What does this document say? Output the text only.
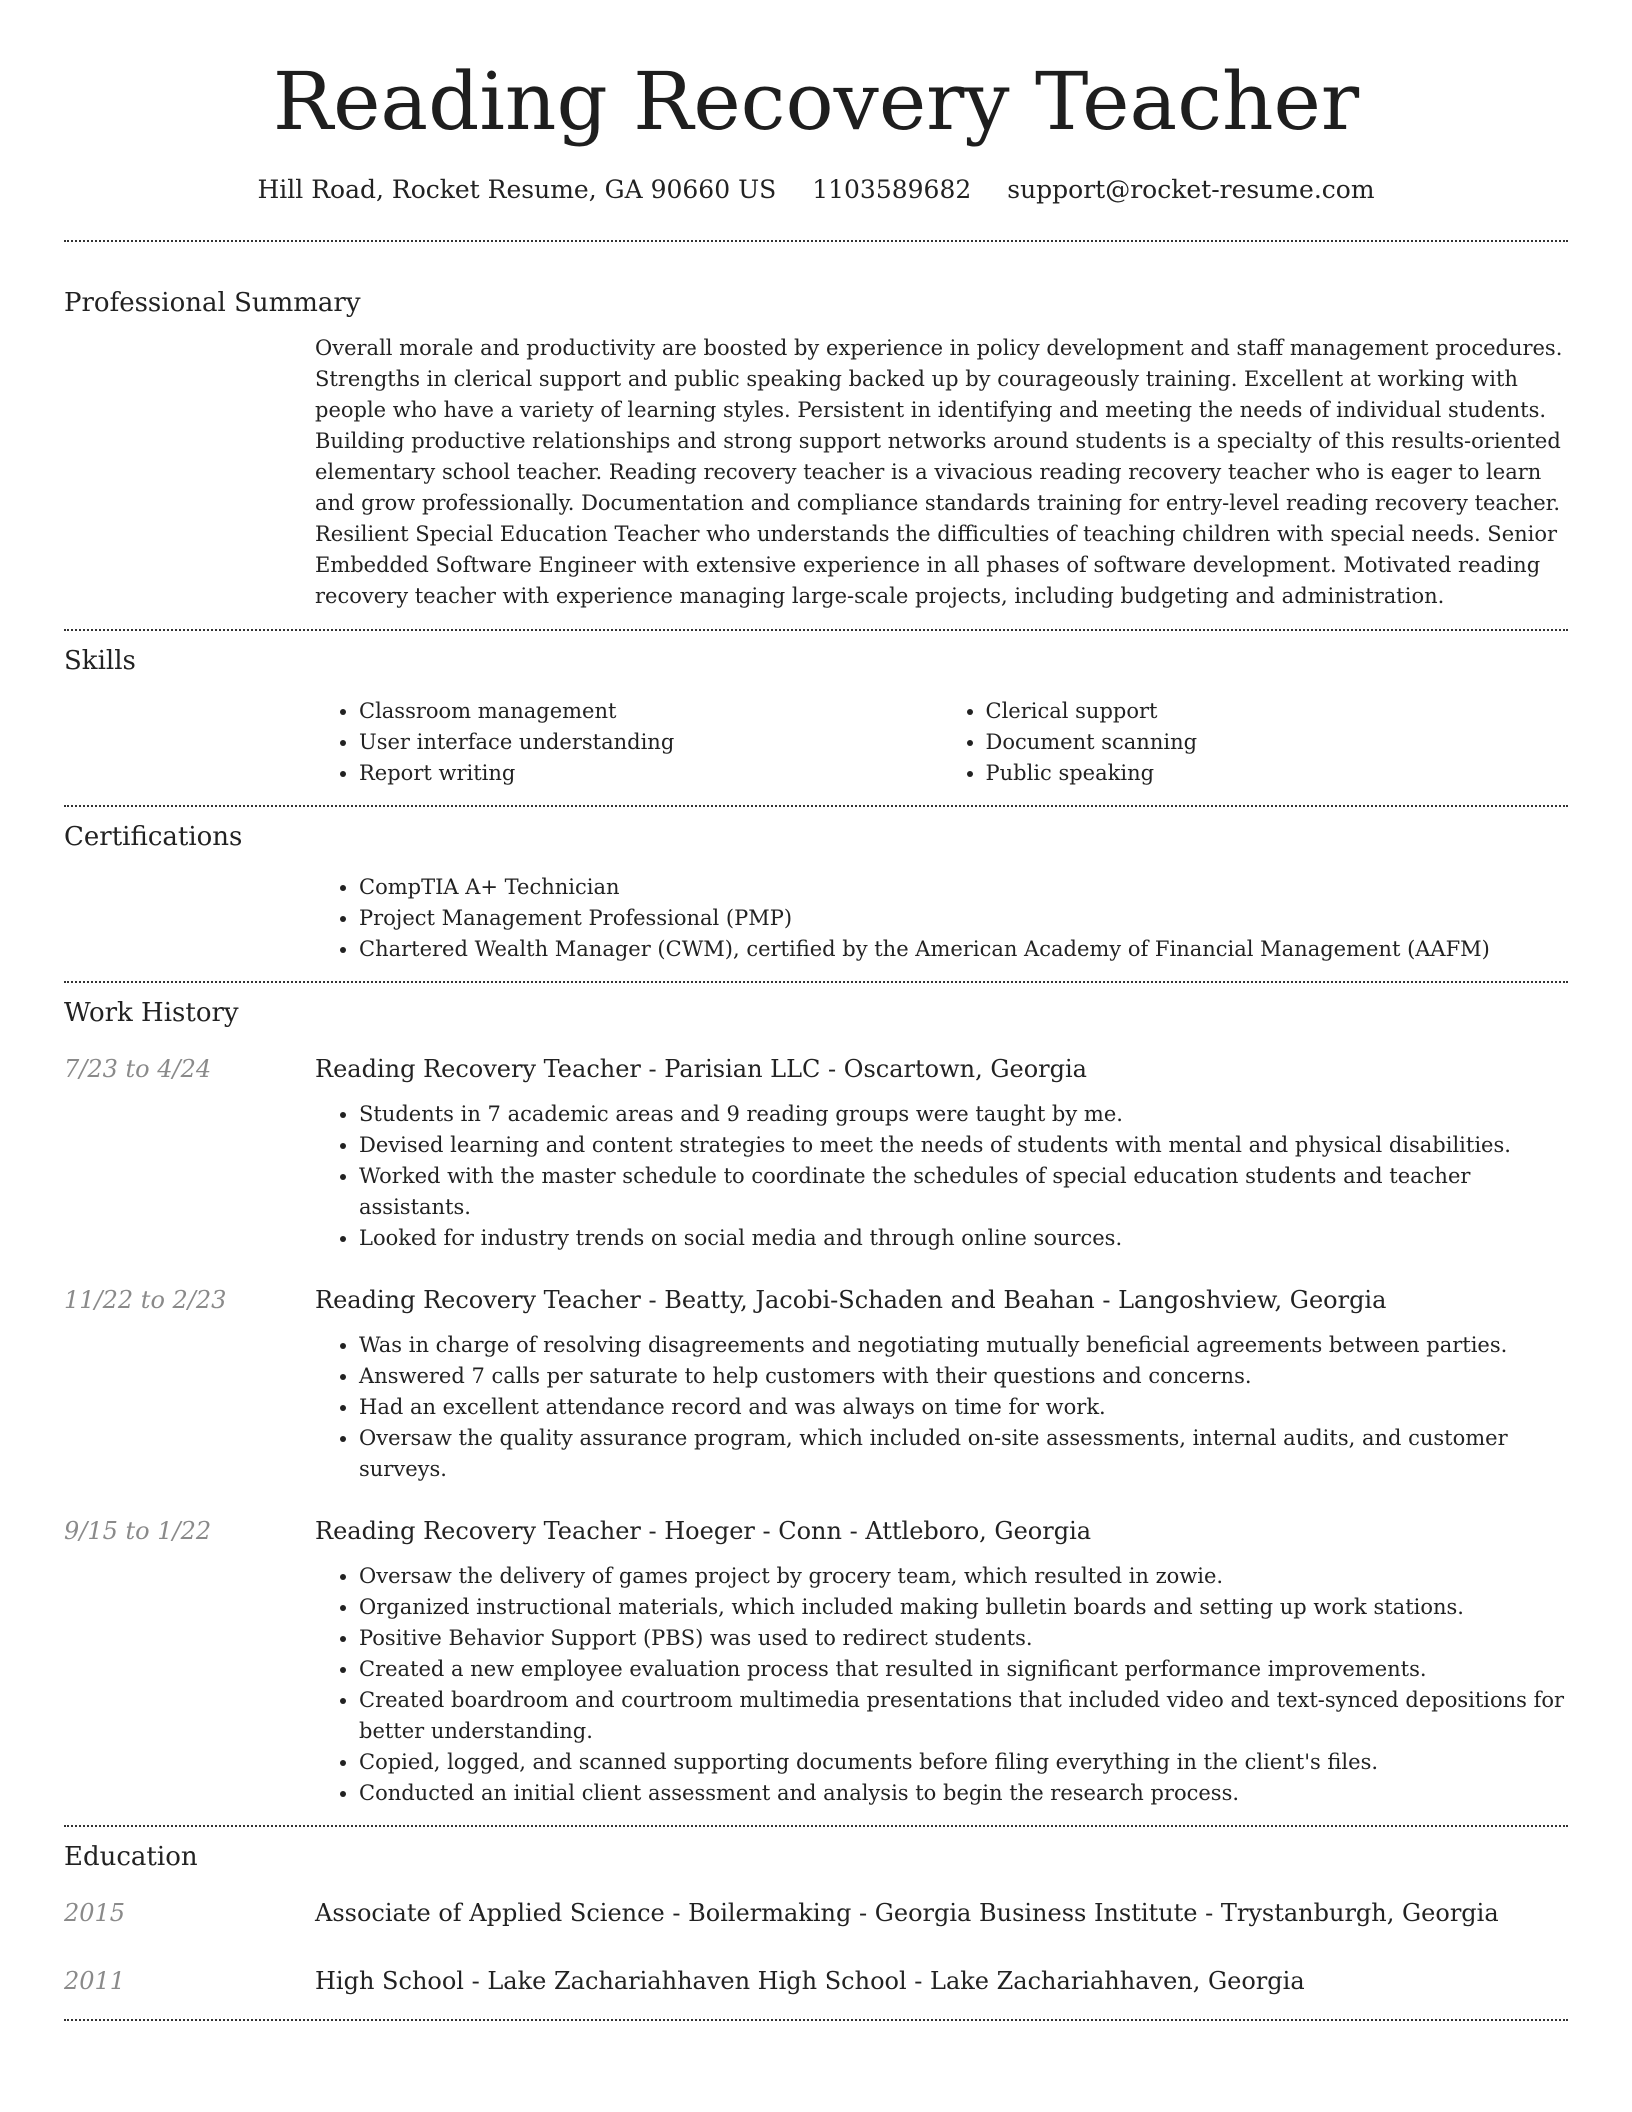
Reading Recovery Teacher
Hill Road, Rocket Resume, GA 90660 US 1103589682 support@rocket-resume.com
Professional Summary

Overall morale and productivity are boosted by experience in policy development and staff management procedures. Strengths in clerical support and public speaking backed up by courageously training. Excellent at working with people who have a variety of learning styles. Persistent in identifying and meeting the needs of individual students. Building productive relationships and strong support networks around students is a specialty of this results-oriented elementary school teacher. Reading recovery teacher is a vivacious reading recovery teacher who is eager to learn and grow professionally. Documentation and compliance standards training for entry-level reading recovery teacher. Resilient Special Education Teacher who understands the difficulties of teaching children with special needs. Senior Embedded Software Engineer with extensive experience in all phases of software development. Motivated reading recovery teacher with experience managing large-scale projects, including budgeting and administration.

Skills
• Classroom management
• User interface understanding
• Report writing
• Clerical support
• Document scanning
• Public speaking
Certifications
• CompTIA A+ Technician
• Project Management Professional (PMP)
• Chartered Wealth Manager (CWM), certified by the American Academy of Financial Management (AAFM)
Work History
7/23 to 4/24	Reading Recovery Teacher - Parisian LLC - Oscartown, Georgia
• Students in 7 academic areas and 9 reading groups were taught by me.
• Devised learning and content strategies to meet the needs of students with mental and physical disabilities.
• Worked with the master schedule to coordinate the schedules of special education students and teacher assistants.
• Looked for industry trends on social media and through online sources.
11/22 to 2/23	Reading Recovery Teacher - Beatty, Jacobi-Schaden and Beahan - Langoshview, Georgia
• Was in charge of resolving disagreements and negotiating mutually beneficial agreements between parties.
• Answered 7 calls per saturate to help customers with their questions and concerns.
• Had an excellent attendance record and was always on time for work.
• Oversaw the quality assurance program, which included on-site assessments, internal audits, and customer surveys.
9/15 to 1/22	Reading Recovery Teacher - Hoeger - Conn - Attleboro, Georgia
• Oversaw the delivery of games project by grocery team, which resulted in zowie.
• Organized instructional materials, which included making bulletin boards and setting up work stations.
• Positive Behavior Support (PBS) was used to redirect students.
• Created a new employee evaluation process that resulted in significant performance improvements.
• Created boardroom and courtroom multimedia presentations that included video and text-synced depositions for better understanding.
• Copied, logged, and scanned supporting documents before filing everything in the client's files.
• Conducted an initial client assessment and analysis to begin the research process.
Education
2015	Associate of Applied Science - Boilermaking - Georgia Business Institute - Trystanburgh, Georgia
2011	High School - Lake Zachariahhaven High School - Lake Zachariahhaven, Georgia
